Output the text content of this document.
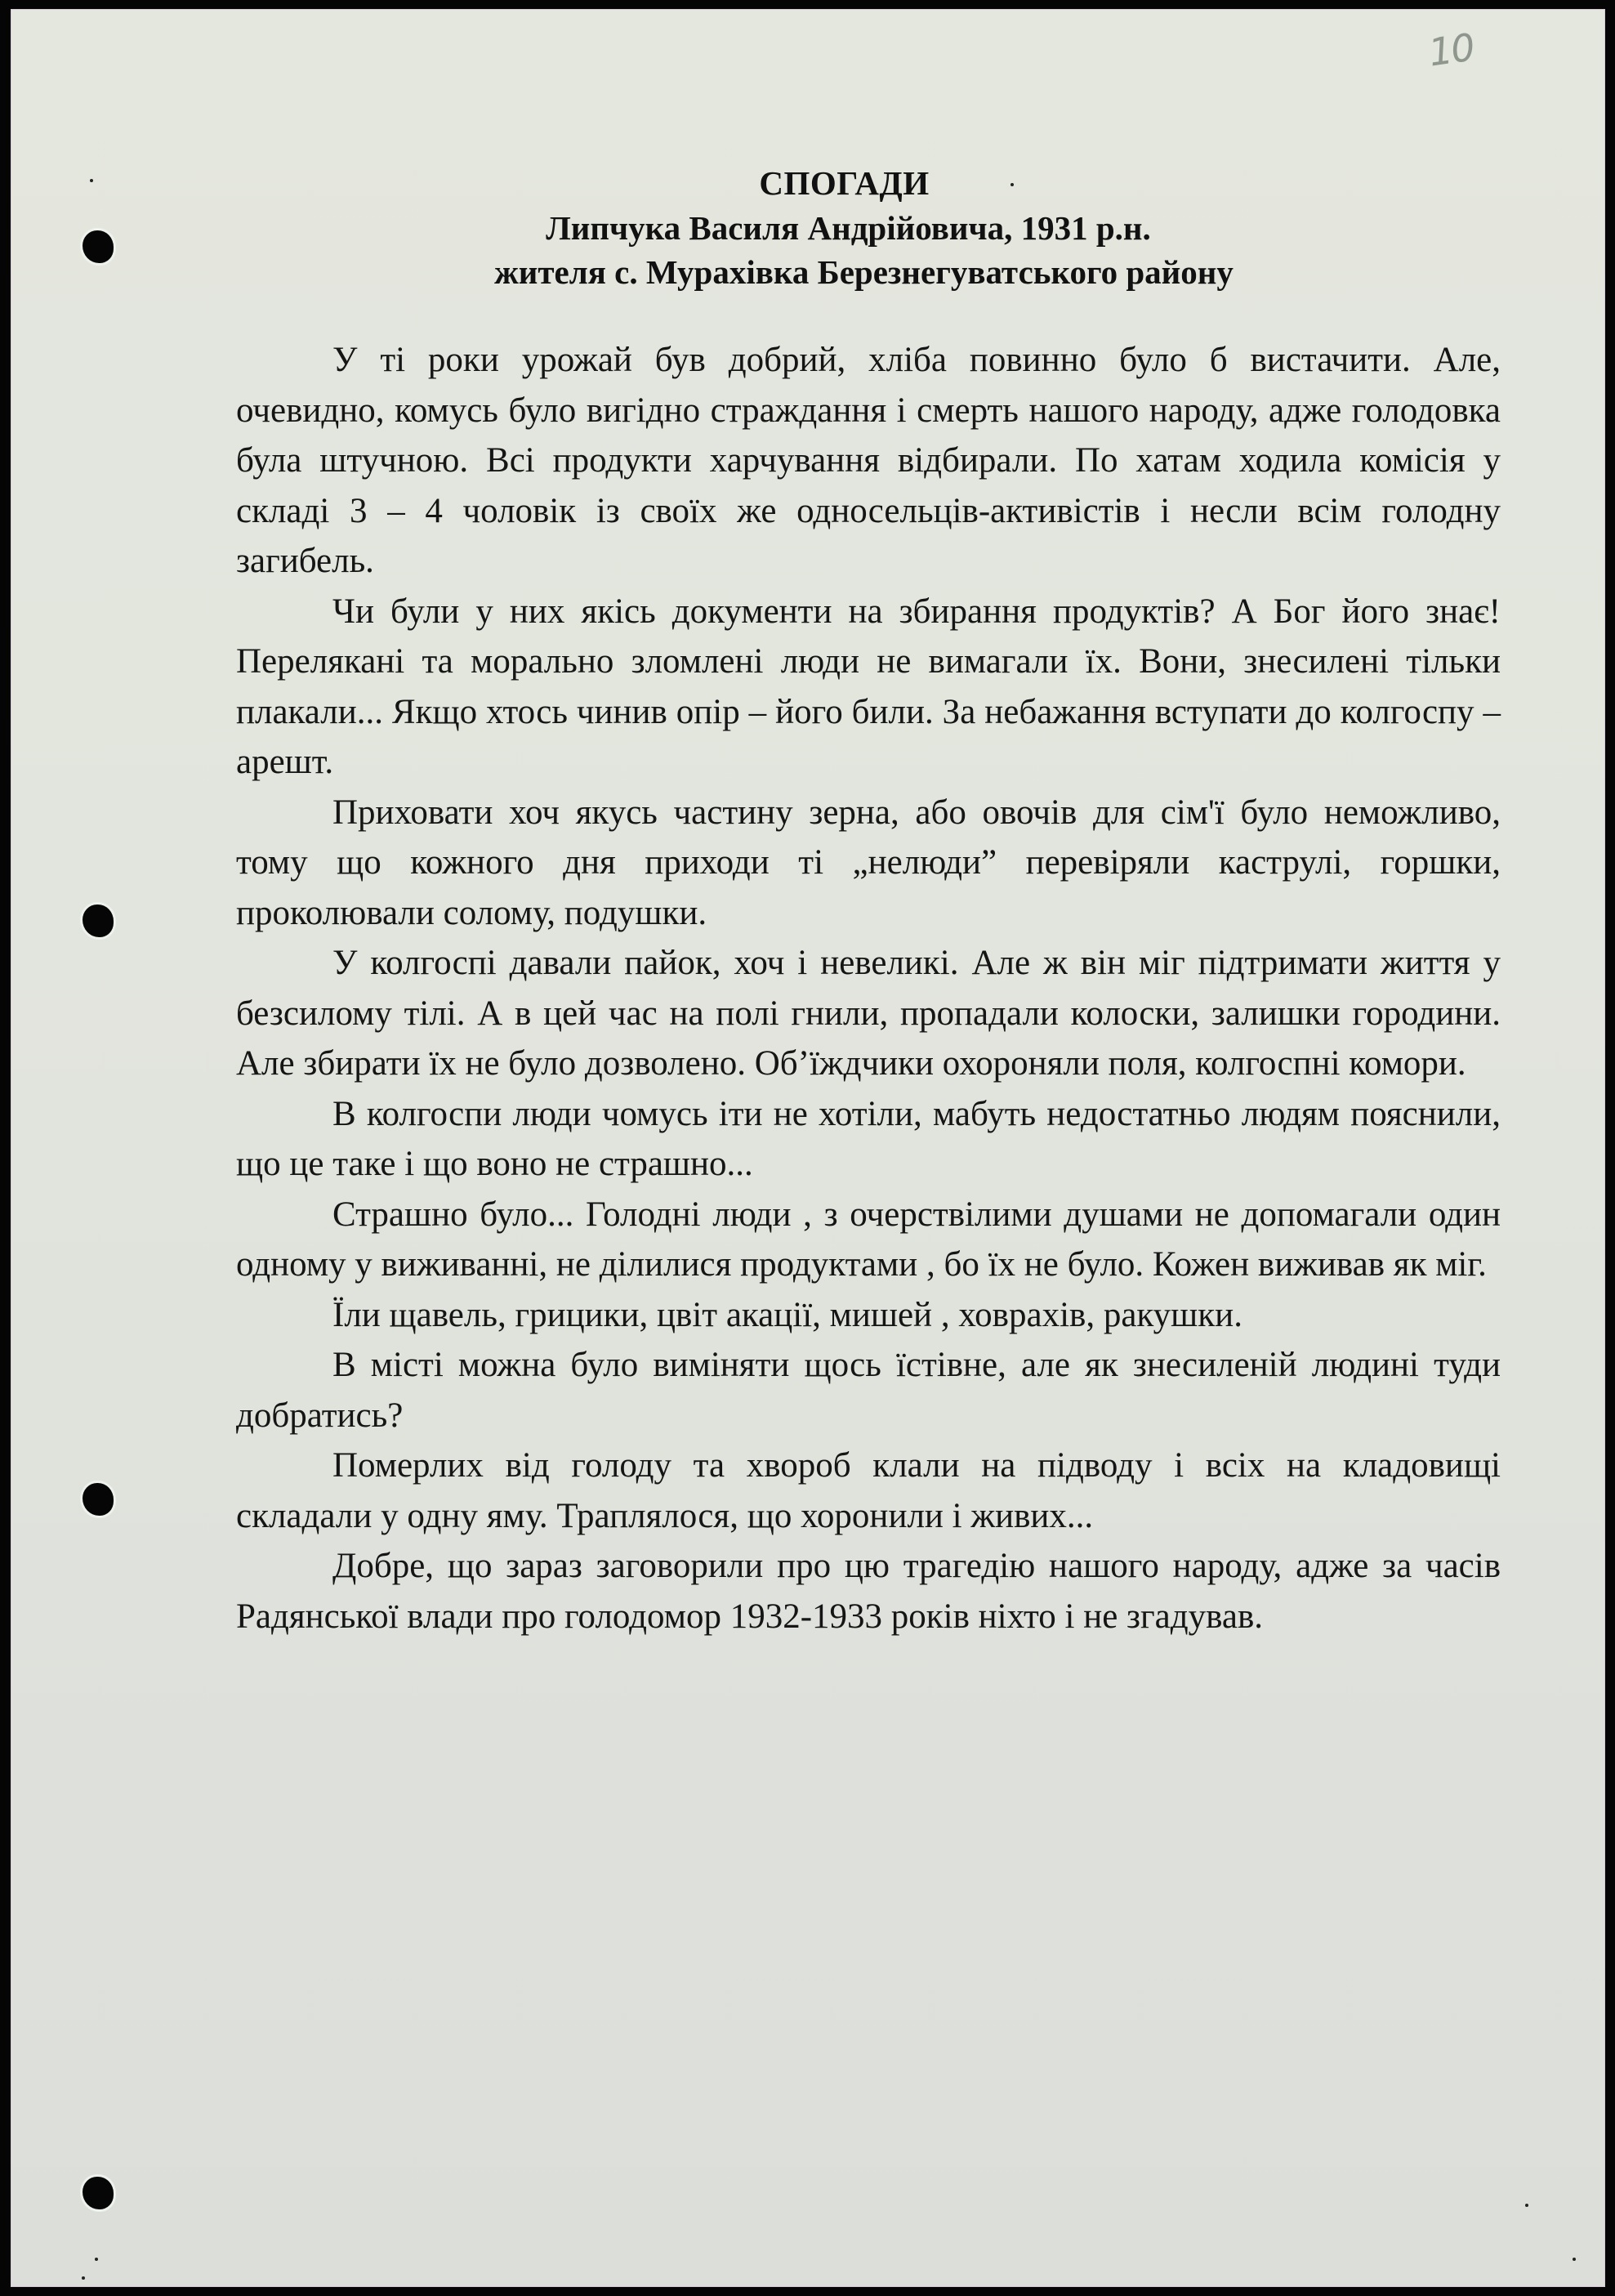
10
СПОГАДИ
Липчука Василя Андрійовича, 1931 р.н.
жителя с. Мурахівка Березнегуватського району

У ті роки урожай був добрий, хліба повинно було б вистачити. Але, очевидно, комусь було вигідно страждання і смерть нашого народу, адже голодовка була штучною. Всі продукти харчування відбирали. По хатам ходила комісія у складі 3 – 4 чоловік із своїх же односельців-активістів і несли всім голодну загибель.

Чи були у них якісь документи на збирання продуктів? А Бог його знає! Перелякані та морально зломлені люди не вимагали їх. Вони, знесилені тільки плакали... Якщо хтось чинив опір – його били. За небажання вступати до колгоспу – арешт.

Приховати хоч якусь частину зерна, або овочів для сім'ї було неможливо, тому що кожного дня приходи ті „нелюди” перевіряли каструлі, горшки, проколювали солому, подушки.

У колгоспі давали пайок, хоч і невеликі. Але ж він міг підтримати життя у безсилому тілі. А в цей час на полі гнили, пропадали колоски, залишки городини. Але збирати їх не було дозволено. Об’їждчики охороняли поля, колгоспні комори.

В колгоспи люди чомусь іти не хотіли, мабуть недостатньо людям пояснили, що це таке і що воно не страшно...

Страшно було... Голодні люди , з очерствілими душами не допомагали один одному у виживанні, не ділилися продуктами , бо їх не було. Кожен виживав як міг.

Їли щавель, грицики, цвіт акації, мишей , ховрахів, ракушки.

В місті можна було виміняти щось їстівне, але як знесиленій людині туди добратись?

Померлих від голоду та хвороб клали на підводу і всіх на кладовищі складали у одну яму. Траплялося, що хоронили і живих...

Добре, що зараз заговорили про цю трагедію нашого народу, адже за часів Радянської влади про голодомор 1932-1933 років ніхто і не згадував.
